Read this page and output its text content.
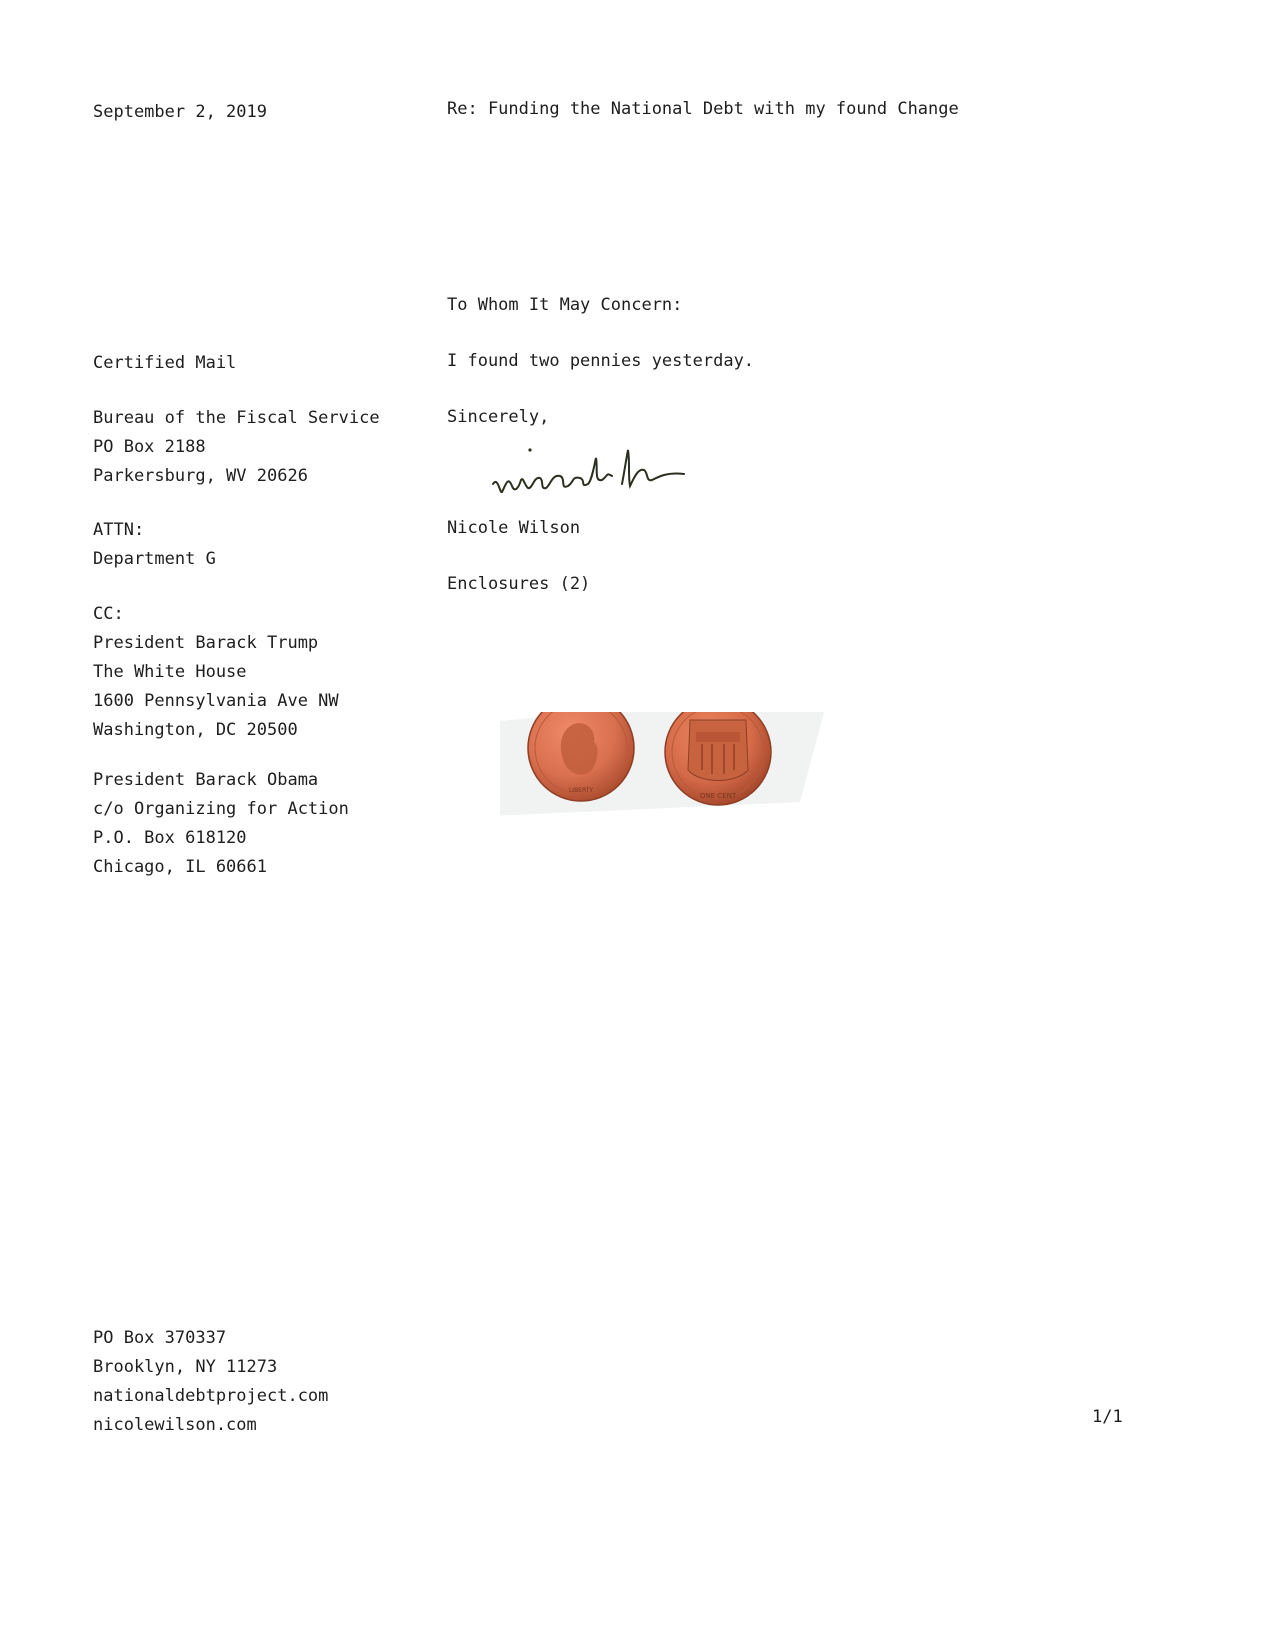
September 2, 2019	Re: Funding the National Debt with my found Change
To Whom It May Concern:
I found two pennies yesterday.
Sincerely,
Nicole Wilson
Enclosures (2)
LIBERTY
ONE CENT
Certified Mail
Bureau of the Fiscal Service
PO Box 2188
Parkersburg, WV 20626
ATTN:
Department G
CC:
President Barack Trump
The White House
1600 Pennsylvania Ave NW
Washington, DC 20500
President Barack Obama
c/o Organizing for Action
P.O. Box 618120
Chicago, IL 60661
PO Box 370337
Brooklyn, NY 11273
nationaldebtproject.com
nicolewilson.com	1/1
